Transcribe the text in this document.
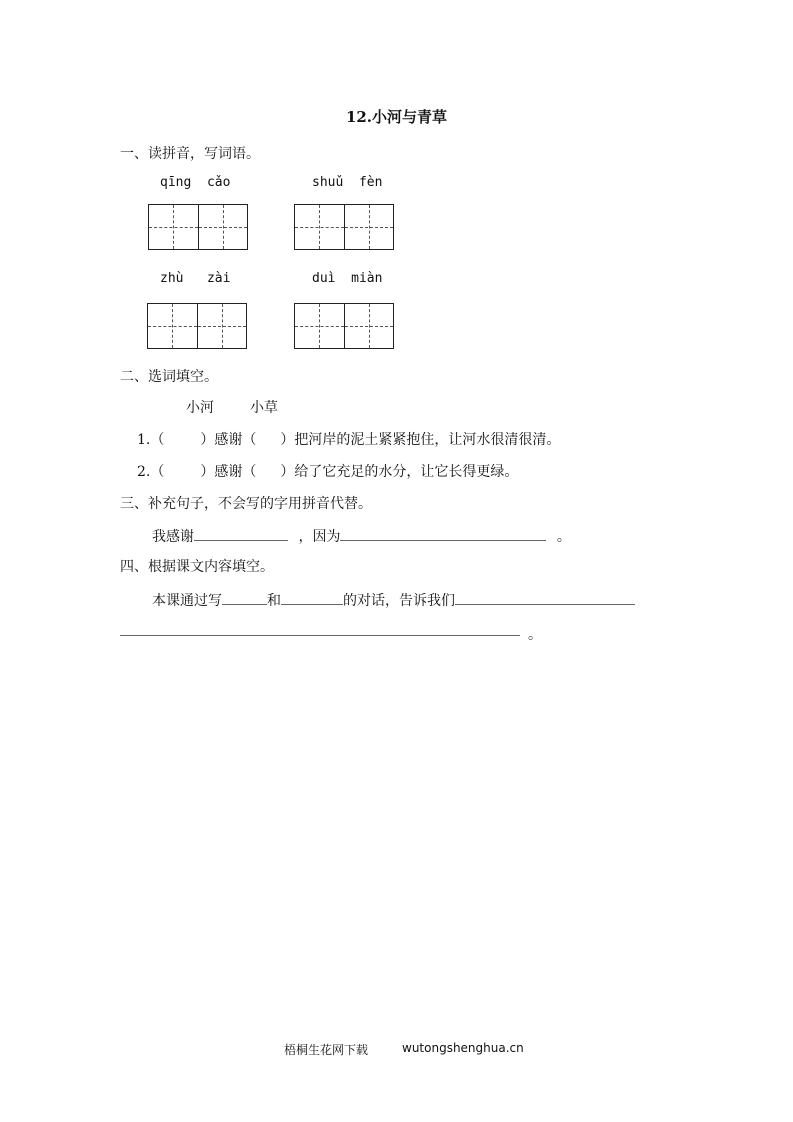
12.小河与青草
一、读拼音，写词语。
qīng  cǎo	shuǔ  fèn
zhù   zài	duì  miàn
二、选词填空。
小河	小草
1.（	）感谢（ ）把河岸的泥土紧紧抱住，让河水很清很清。
2.（	）感谢（ ）给了它充足的水分，让它长得更绿。
三、补充句子，不会写的字用拼音代替。
我感谢	，因为	。
四、根据课文内容填空。
本课通过写	和	的对话，告诉我们
。
梧桐生花网下载	wutongshenghua.cn
